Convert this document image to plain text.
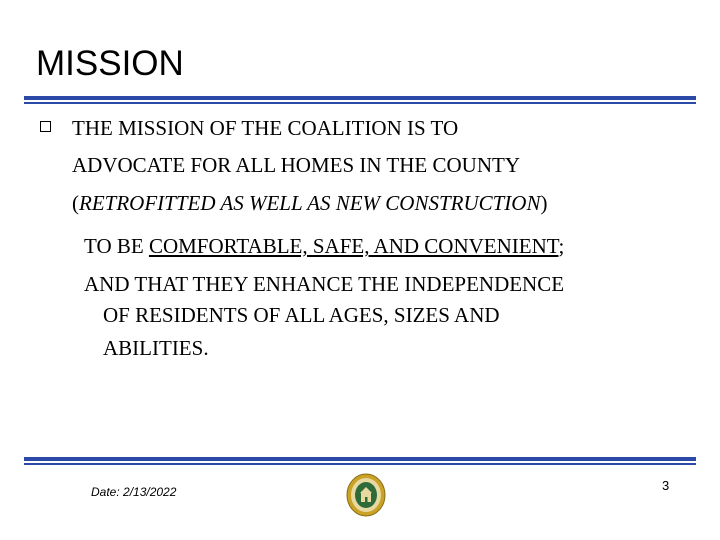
MISSION
THE MISSION OF THE COALITION IS TO
ADVOCATE FOR ALL HOMES IN THE COUNTY
(RETROFITTED AS WELL AS NEW CONSTRUCTION)
TO BE COMFORTABLE, SAFE, AND CONVENIENT;
AND THAT THEY ENHANCE THE INDEPENDENCE
OF RESIDENTS OF ALL AGES, SIZES AND
ABILITIES.
Date: 2/13/2022	3
